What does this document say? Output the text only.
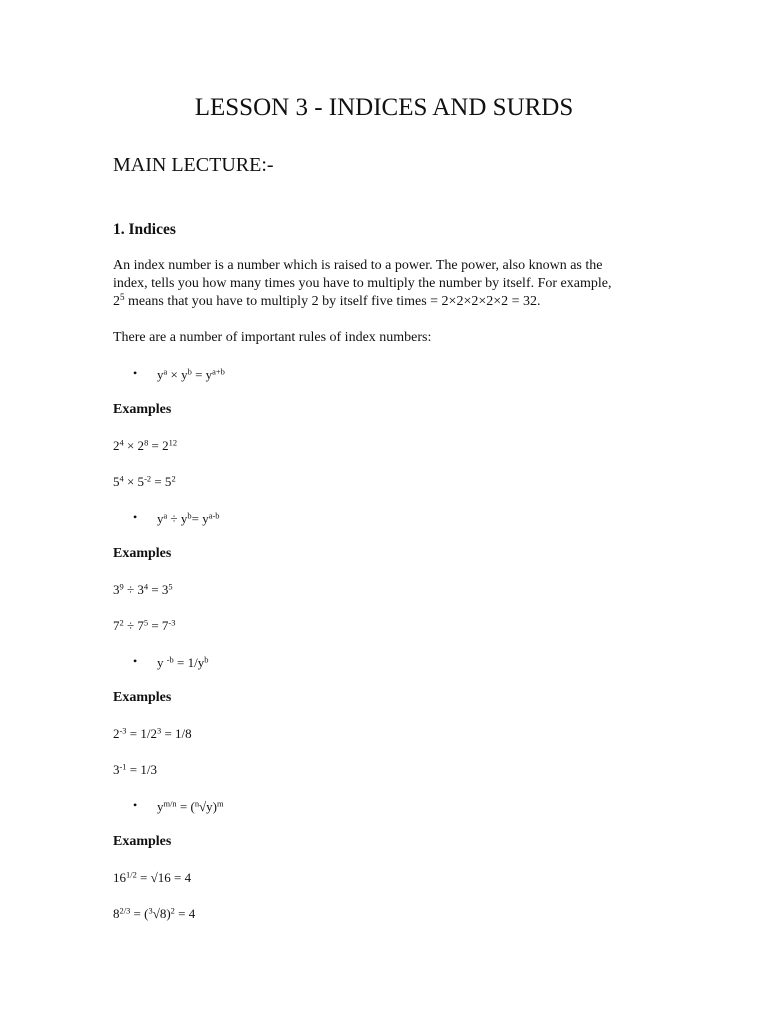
LESSON 3 - INDICES AND SURDS
MAIN LECTURE:-
1. Indices
An index number is a number which is raised to a power. The power, also known as the
index, tells you how many times you have to multiply the number by itself. For example,
$2^5$ means that you have to multiply 2 by itself five times = 2×2×2×2×2 = 32.
There are a number of important rules of index numbers:
• $y^a \times y^b = y^{a+b}$
Examples
$2^4 \times 2^8 = 2^{12}$
$5^4 \times 5^{-2} = 5^2$
• $y^a \div y^b= y^{a-b}$
Examples
$3^9 \div 3^4 = 3^5$
$7^2 \div 7^5 = 7^{-3}$
• y $^{-b} = 1/y^b$
Examples
$2^{-3} = 1/2^3 = 1/8$
$3^{-1} = 1/3$
• $y^{m/n} = (^n√y)^m$
Examples
$16^{1/2} = √16 = 4$
$8^{2/3} = (^3√8)^2 = 4$
